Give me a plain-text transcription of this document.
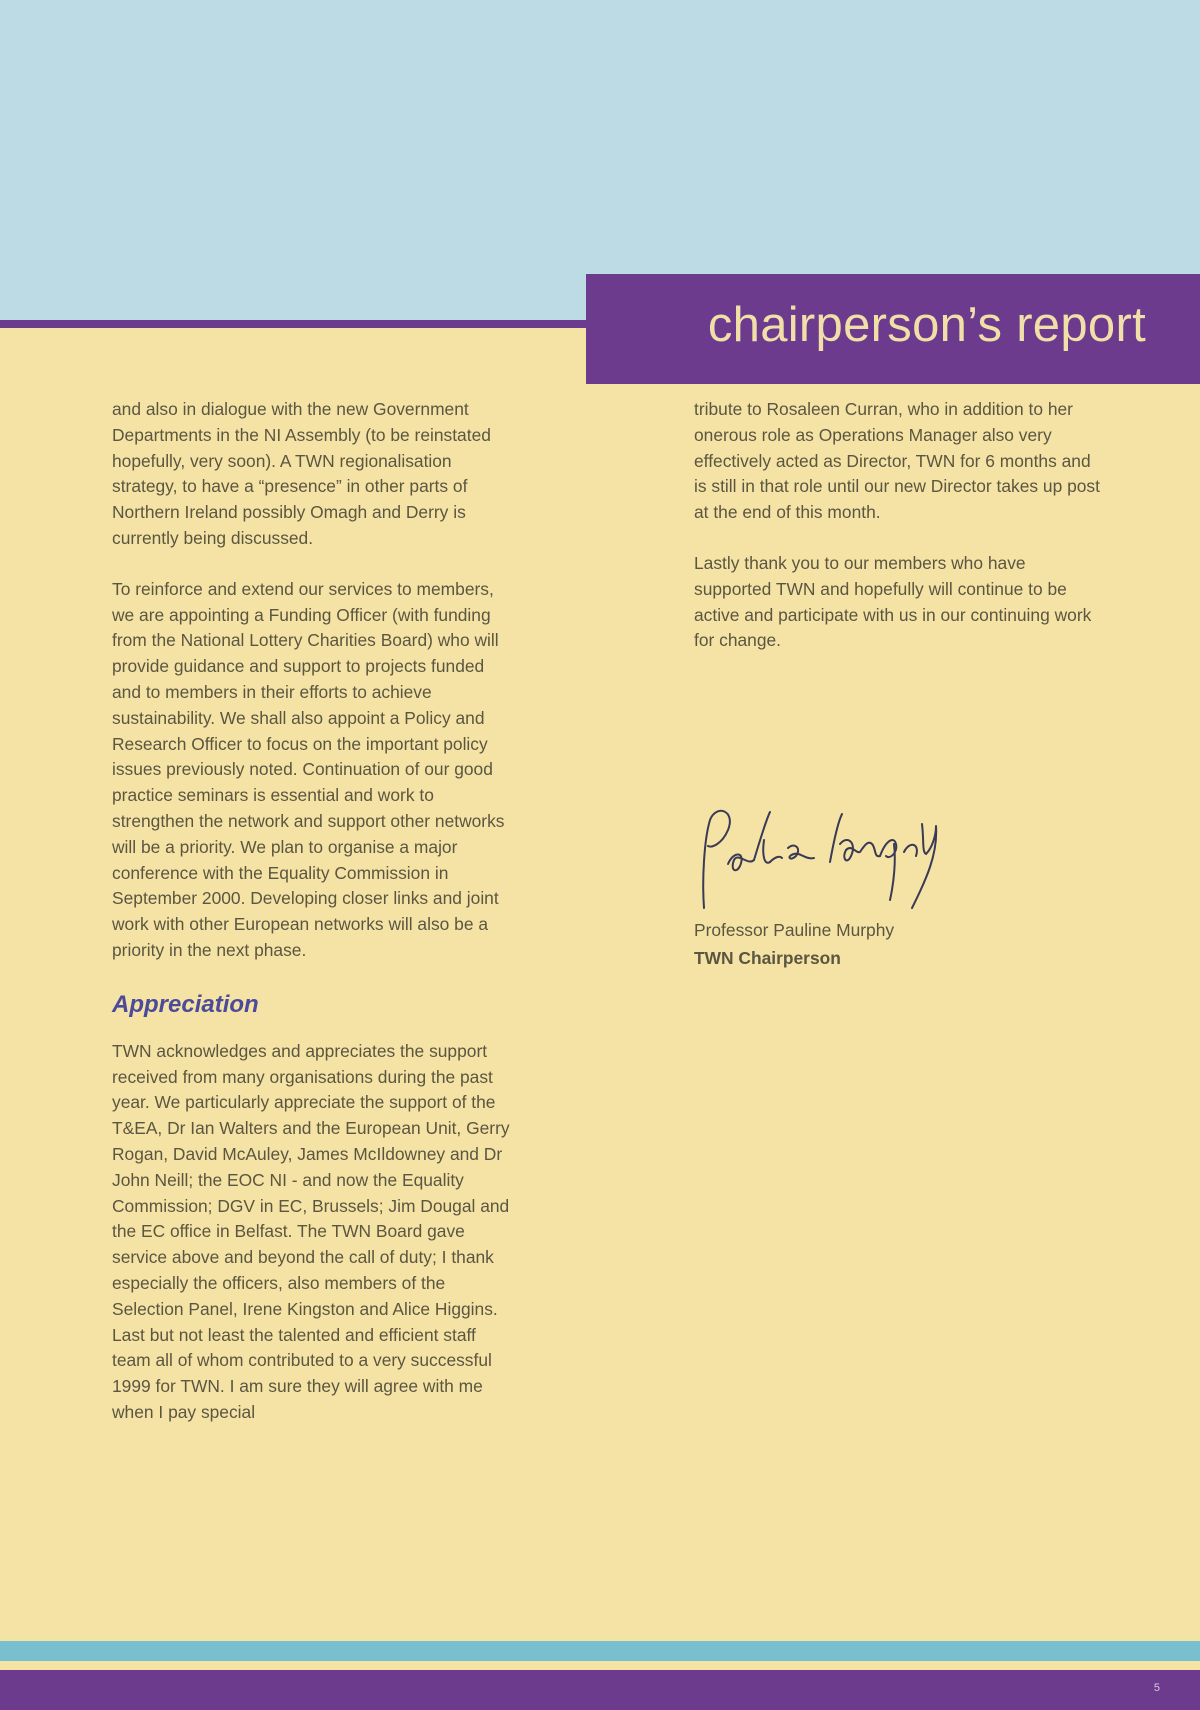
chairperson’s report

and also in dialogue with the new Government Departments in the NI Assembly (to be reinstated hopefully, very soon). A TWN regionalisation strategy, to have a “presence” in other parts of Northern Ireland possibly Omagh and Derry is currently being discussed.

To reinforce and extend our services to members, we are appointing a Funding Officer (with funding from the National Lottery Charities Board) who will provide guidance and support to projects funded and to members in their efforts to achieve sustainability. We shall also appoint a Policy and Research Officer to focus on the important policy issues previously noted. Continuation of our good practice seminars is essential and work to strengthen the network and support other networks will be a priority. We plan to organise a major conference with the Equality Commission in September 2000. Developing closer links and joint work with other European networks will also be a priority in the next phase.

Appreciation

TWN acknowledges and appreciates the support received from many organisations during the past year. We particularly appreciate the support of the T&EA, Dr Ian Walters and the European Unit, Gerry Rogan, David McAuley, James McIldowney and Dr John Neill; the EOC NI - and now the Equality Commission; DGV in EC, Brussels; Jim Dougal and the EC office in Belfast. The TWN Board gave service above and beyond the call of duty; I thank especially the officers, also members of the Selection Panel, Irene Kingston and Alice Higgins. Last but not least the talented and efficient staff team all of whom contributed to a very successful 1999 for TWN. I am sure they will agree with me when I pay special

tribute to Rosaleen Curran, who in addition to her onerous role as Operations Manager also very effectively acted as Director, TWN for 6 months and is still in that role until our new Director takes up post at the end of this month.

Lastly thank you to our members who have supported TWN and hopefully will continue to be active and participate with us in our continuing work for change.

Professor Pauline Murphy
TWN Chairperson
5
